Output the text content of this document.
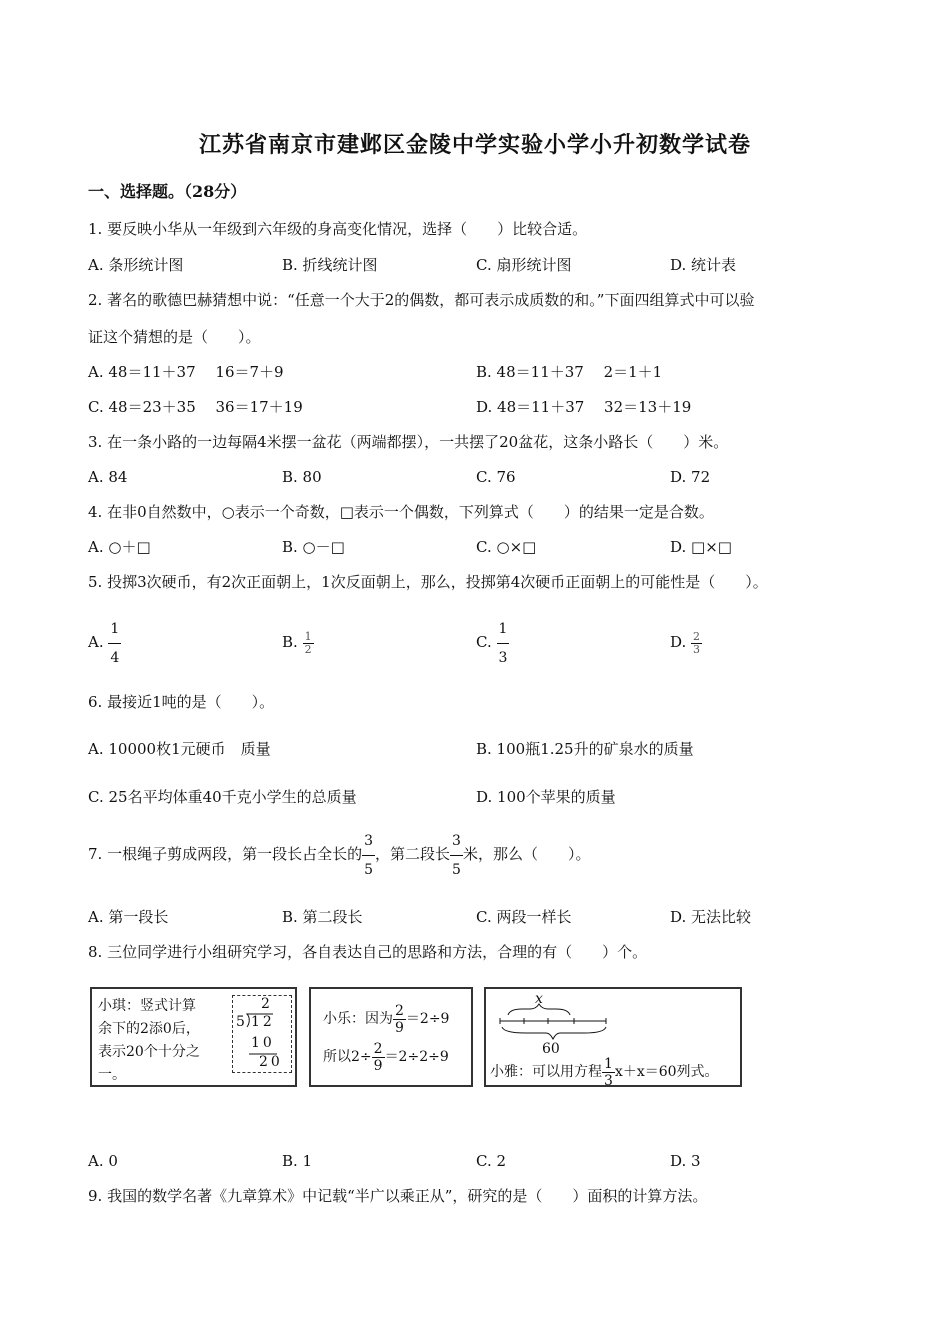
江苏省南京市建邺区金陵中学实验小学小升初数学试卷
一、选择题。（28分）
1. 要反映小华从一年级到六年级的身高变化情况，选择（　　）比较合适。
A. 条形统计图	B. 折线统计图	C. 扇形统计图	D. 统计表
2. 著名的歌德巴赫猜想中说：“任意一个大于2的偶数，都可表示成质数的和。”下面四组算式中可以验
证这个猜想的是（　　）。
A. 48＝11＋37　 16＝7＋9	B. 48＝11＋37　 2＝1＋1
C. 48＝23＋35　 36＝17＋19	D. 48＝11＋37　 32＝13＋19
3. 在一条小路的一边每隔4米摆一盆花（两端都摆），一共摆了20盆花，这条小路长（　　）米。
A. 84	B. 80	C. 76	D. 72
4. 在非0自然数中，○表示一个奇数，□表示一个偶数，下列算式（　　）的结果一定是合数。
A. ○＋□	B. ○－□	C. ○×□	D. □×□
5. 投掷3次硬币，有2次正面朝上，1次反面朝上，那么，投掷第4次硬币正面朝上的可能性是（　　）。
A. $\frac{1}{4}$	B. $\frac{1}{2}$	C. $\frac{1}{3}$	D. $\frac{2}{3}$
6. 最接近1吨的是（　　）。
A. 10000枚1元硬币　质量	B. 100瓶1.25升的矿泉水的质量
C. 25名平均体重40千克小学生的总质量	D. 100个苹果的质量
7. 一根绳子剪成两段，第一段长占全长的 $\frac{3}{5}$ ，第二段长 $\frac{3}{5}$ 米，那么（　　）。
A. 第一段长	B. 第二段长	C. 两段一样长	D. 无法比较
8. 三位同学进行小组研究学习，各自表达自己的思路和方法，合理的有（　　）个。
小琪：竖式计算
余下的2添0后，
表示20个十分之
一。
2
5 12
10
20
小乐：因为 $\frac{2}{9} =2\div 9$
所以$2\div \frac{2}{9} =2\div 2\div 9$
x
60
小雅：可以用方程 $\frac{1}{3} x+x=60$列式。
A. 0	B. 1	C. 2	D. 3
9. 我国的数学名著《九章算术》中记载“半广以乘正从”，研究的是（　　）面积的计算方法。
